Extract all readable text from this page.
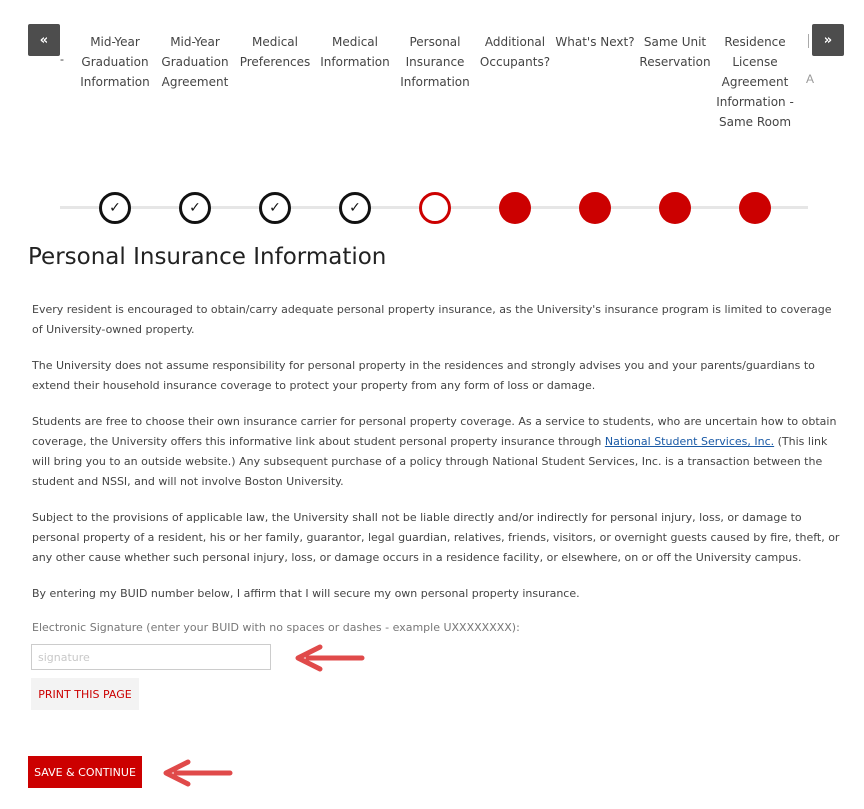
«	»
-
A
Mid-Year Graduation Information
Mid-Year Graduation Agreement
Medical Preferences
Medical Information
Personal Insurance Information
Additional Occupants?
What's Next? Same Unit Reservation
Residence License Agreement Information - Same Room
✓	✓	✓	✓
Personal Insurance Information

Every resident is encouraged to obtain/carry adequate personal property insurance, as the University's insurance program is limited to coverage of University-owned property.

The University does not assume responsibility for personal property in the residences and strongly advises you and your parents/guardians to extend their household insurance coverage to protect your property from any form of loss or damage.

Students are free to choose their own insurance carrier for personal property coverage. As a service to students, who are uncertain how to obtain coverage, the University offers this informative link about student personal property insurance through National Student Services, Inc. (This link will bring you to an outside website.) Any subsequent purchase of a policy through National Student Services, Inc. is a transaction between the student and NSSI, and will not involve Boston University.

Subject to the provisions of applicable law, the University shall not be liable directly and/or indirectly for personal injury, loss, or damage to personal property of a resident, his or her family, guarantor, legal guardian, relatives, friends, visitors, or overnight guests caused by fire, theft, or any other cause whether such personal injury, loss, or damage occurs in a residence facility, or elsewhere, on or off the University campus.

By entering my BUID number below, I affirm that I will secure my own personal property insurance.

Electronic Signature (enter your BUID with no spaces or dashes - example UXXXXXXXX):
signature
PRINT THIS PAGE
SAVE & CONTINUE
